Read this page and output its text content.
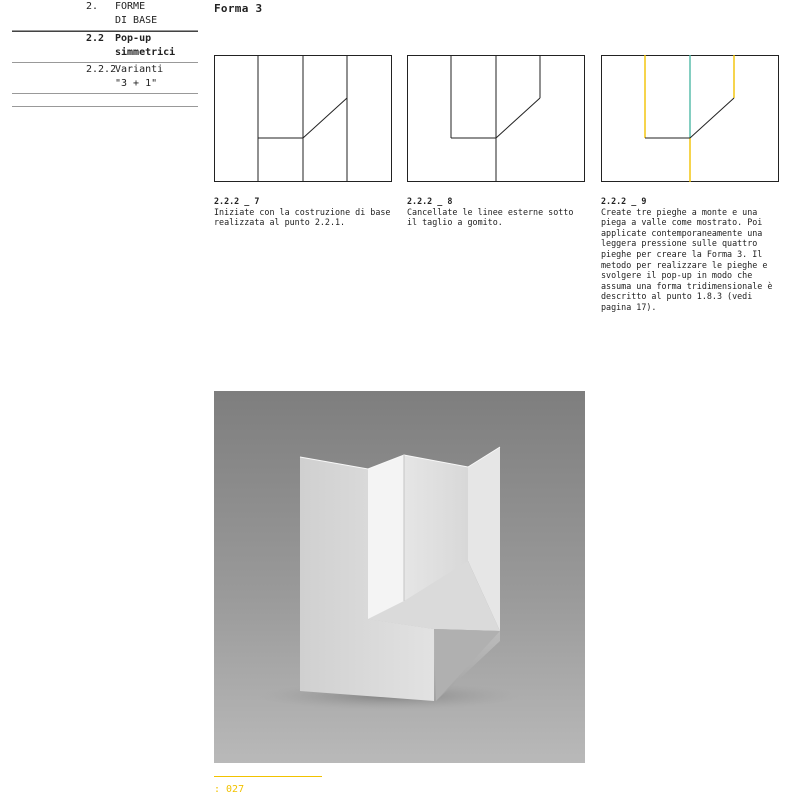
2.	FORME
DI BASE
2.2	Pop-up
simmetrici
2.2.2
Varianti
"3 + 1"
Forma 3
2.2.2 _ 7
Iniziate con la costruzione di base realizzata al punto 2.2.1.
2.2.2 _ 8
Cancellate le linee esterne sotto il taglio a gomito.
2.2.2 _ 9
Create tre pieghe a monte e una piega a valle come mostrato. Poi applicate contemporaneamente una leggera pressione sulle quattro pieghe per creare la Forma 3. Il metodo per realizzare le pieghe e svolgere il pop-up in modo che assuma una forma tridimensionale è descritto al punto 1.8.3 (vedi pagina 17).
: 027
